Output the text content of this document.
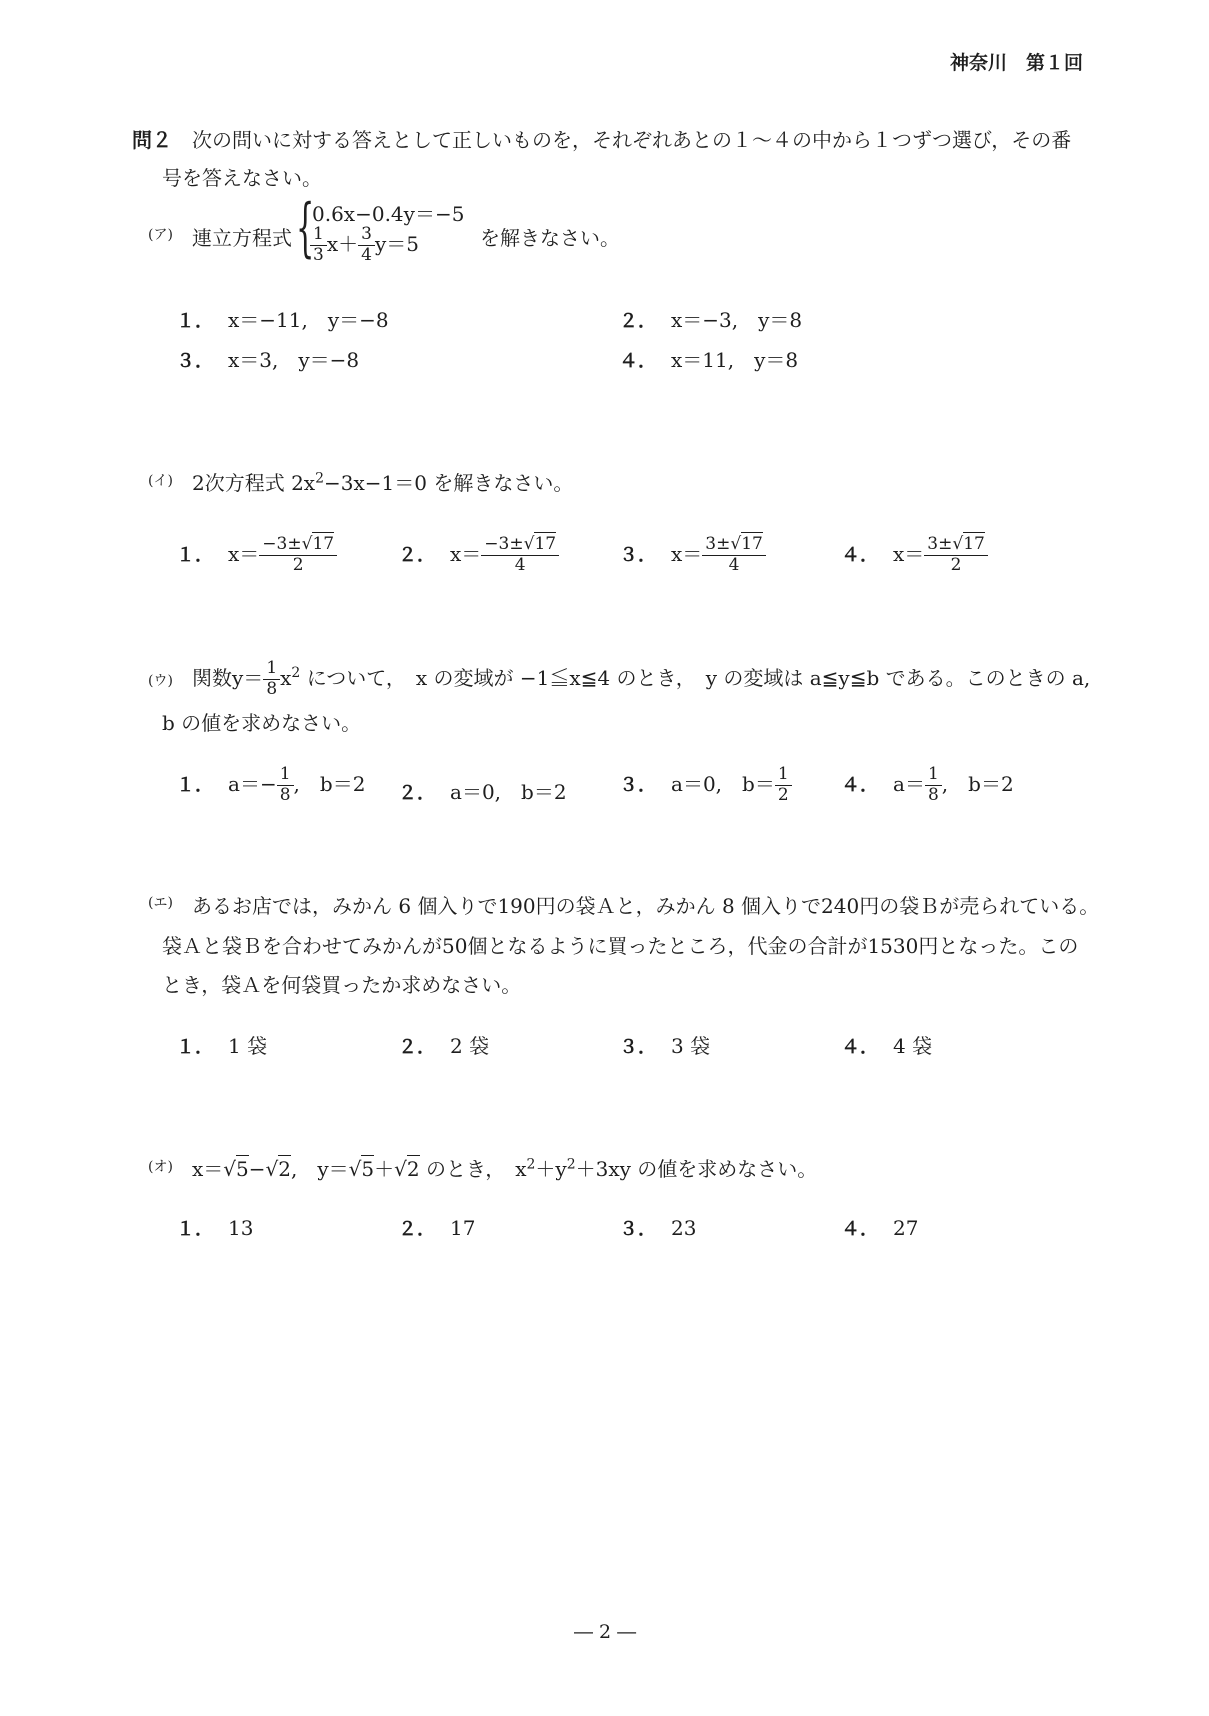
神奈川　第１回
問２ 次の問いに対する答えとして正しいものを，それぞれあとの１～４の中から１つずつ選び，その番
号を答えなさい。
(ア) 連立方程式 {
0.6x−0.4y＝−5
$\frac{1}{3} x+ \frac{3}{4} y=5$	を解きなさい。
１． x＝−11,　y＝−8	２． x＝−3,　y＝8
３． x＝3,　y＝−8	４． x＝11,　y＝8
(イ) 2次方程式 $2x^2-3x-1=0$ を解きなさい。
１． $x= \frac{-3\pm√17}{2}$	２． $x= \frac{-3\pm√17}{4}$	３． $x= \frac{3\pm√17}{4}$	４． $x= \frac{3\pm√17}{2}$
(ウ) 関数$y= \frac{1}{8} x^2$ について，　x の変域が −1≦x≦4 のとき，　y の変域は a≦y≦b である。このときの a,
b の値を求めなさい。
１． $a=- \frac{1}{8}$ ,　b＝2 ２． a＝0,　b＝2	３． a＝0,　$b= \frac{1}{2}$	４． $a= \frac{1}{8}$ ,　b＝2
(エ) あるお店では，みかん 6 個入りで190円の袋Ａと，みかん 8 個入りで240円の袋Ｂが売られている。
袋Ａと袋Ｂを合わせてみかんが50個となるように買ったところ，代金の合計が1530円となった。この
とき，袋Ａを何袋買ったか求めなさい。
１． 1 袋	２． 2 袋	３． 3 袋	４． 4 袋
(オ) x＝√5−√2,　y＝√5＋√2 のとき，　$x^2+y^2+3xy$ の値を求めなさい。
１． 13	２． 17	３． 23	４． 27
― 2 ―
